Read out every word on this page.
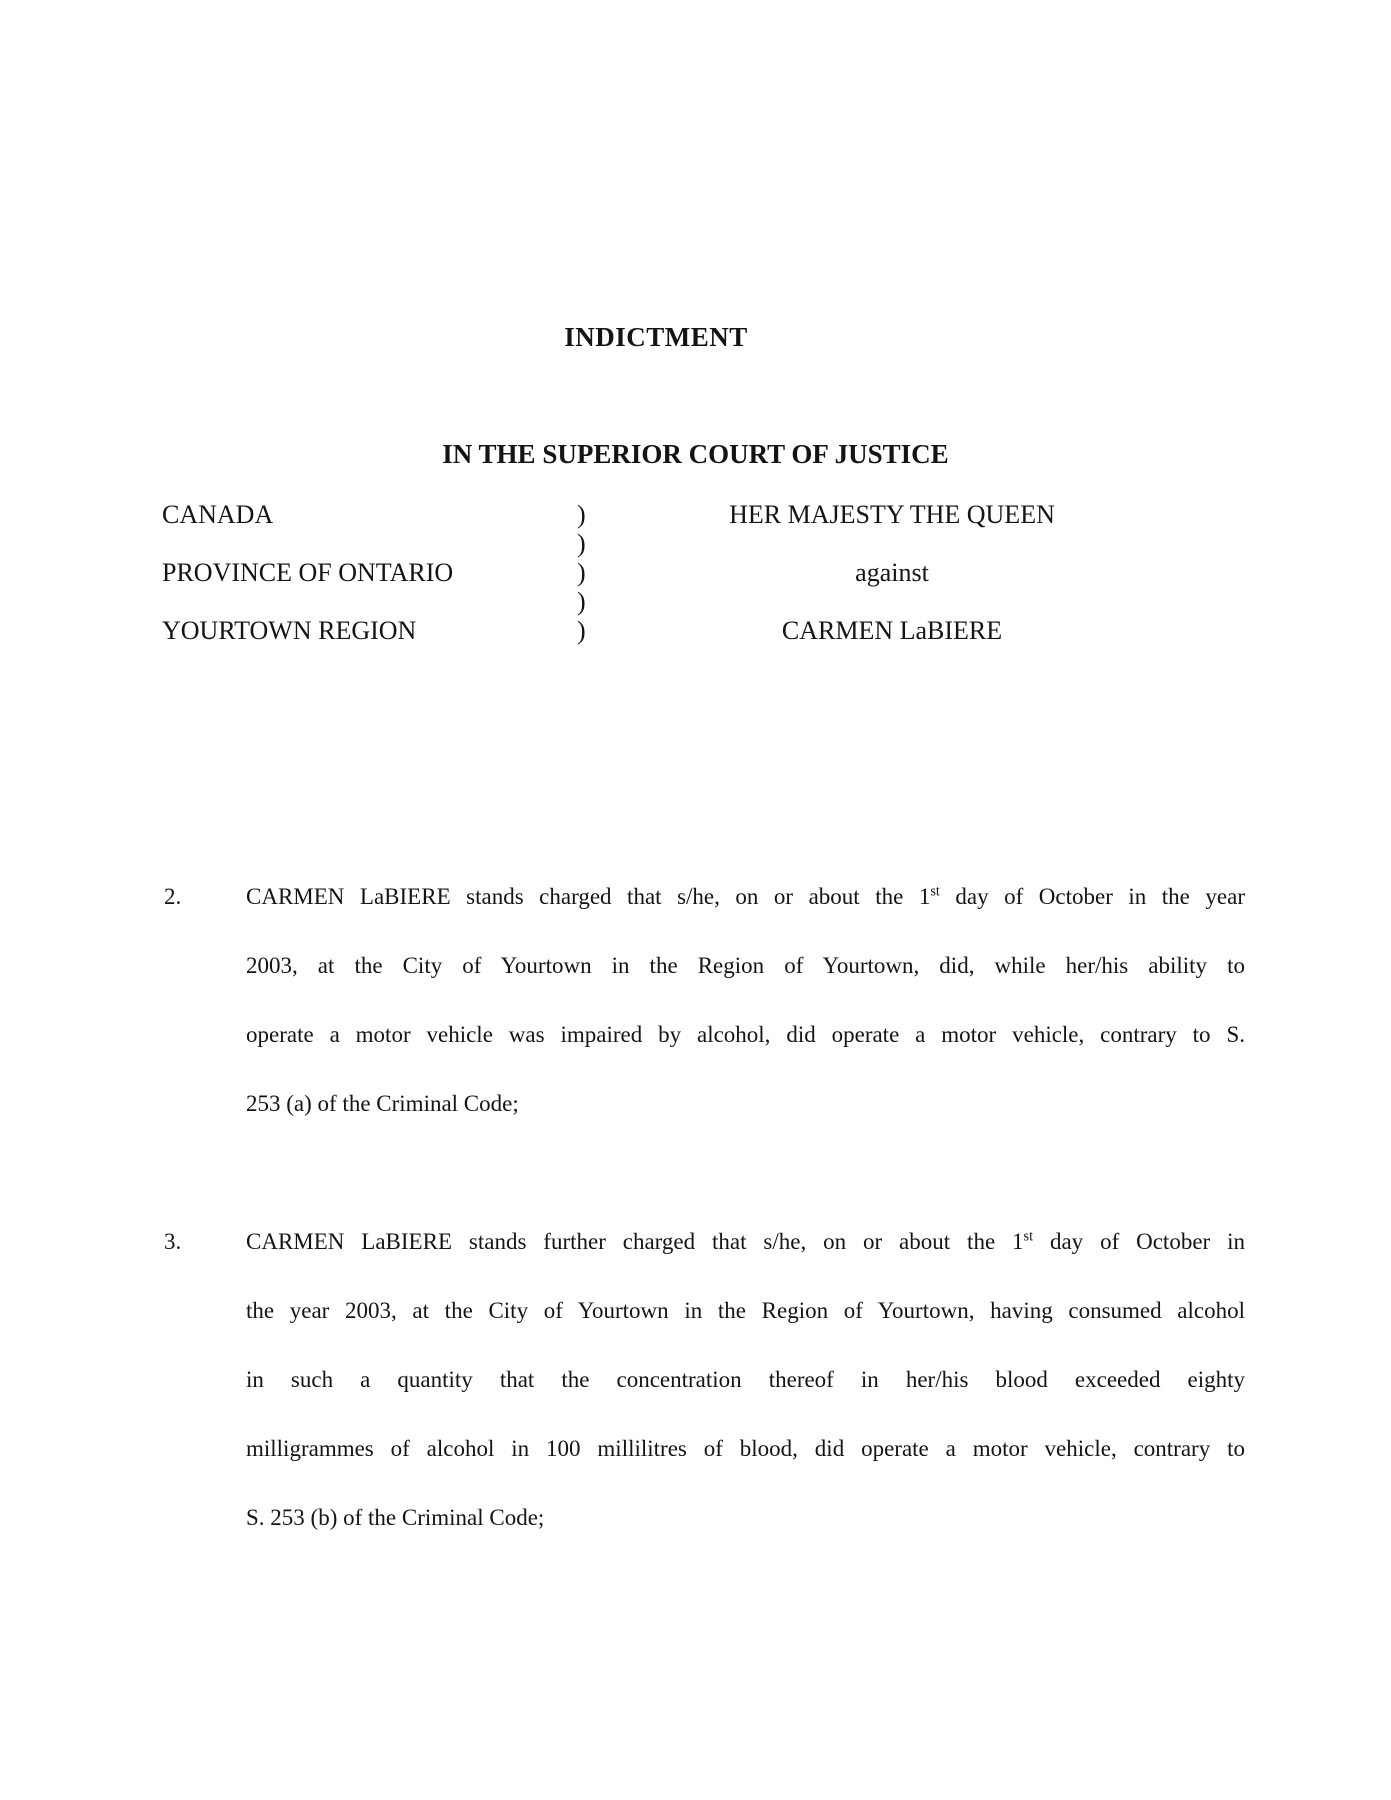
INDICTMENT
IN THE SUPERIOR COURT OF JUSTICE
CANADA	)	HER MAJESTY THE QUEEN
)
PROVINCE OF ONTARIO	)	against
)
YOURTOWN REGION	)	CARMEN LaBIERE
2.	CARMEN LaBIERE stands charged that s/he, on or about the 1st day of October in the year
2003, at the City of Yourtown in the Region of Yourtown, did, while her/his ability to
operate a motor vehicle was impaired by alcohol, did operate a motor vehicle, contrary to S.
253 (a) of the Criminal Code;
3.	CARMEN LaBIERE stands further charged that s/he, on or about the 1st day of October in
the year 2003, at the City of Yourtown in the Region of Yourtown, having consumed alcohol
in such a quantity that the concentration thereof in her/his blood exceeded eighty
milligrammes of alcohol in 100 millilitres of blood, did operate a motor vehicle, contrary to
S. 253 (b) of the Criminal Code;
